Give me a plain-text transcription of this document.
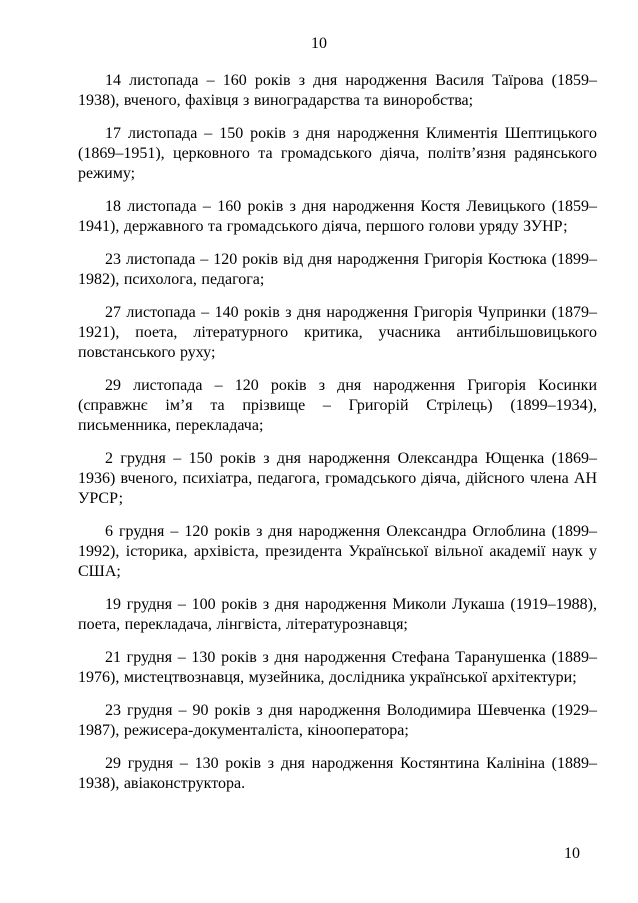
10

14 листопада – 160 років з дня народження Василя Таїрова (1859–1938), вченого, фахівця з виноградарства та виноробства;

17 листопада – 150 років з дня народження Климентія Шептицького (1869–1951), церковного та громадського діяча, політв’язня радянського режиму;

18 листопада – 160 років з дня народження Костя Левицького (1859–1941), державного та громадського діяча, першого голови уряду ЗУНР;

23 листопада – 120 років від дня народження Григорія Костюка (1899–1982), психолога, педагога;

27 листопада – 140 років з дня народження Григорія Чупринки (1879–1921), поета, літературного критика, учасника антибільшовицького повстанського руху;

29 листопада – 120 років з дня народження Григорія Косинки (справжнє ім’я та прізвище – Григорій Стрілець) (1899–1934), письменника, перекладача;

2 грудня – 150 років з дня народження Олександра Ющенка (1869–1936) вченого, психіатра, педагога, громадського діяча, дійсного члена АН УРСР;

6 грудня – 120 років з дня народження Олександра Оглоблина (1899–1992), історика, архівіста, президента Української вільної академії наук у США;

19 грудня – 100 років з дня народження Миколи Лукаша (1919–1988), поета, перекладача, лінгвіста, літературознавця;

21 грудня – 130 років з дня народження Стефана Таранушенка (1889–1976), мистецтвознавця, музейника, дослідника української архітектури;

23 грудня – 90 років з дня народження Володимира Шевченка (1929–1987), режисера-документаліста, кінооператора;

29 грудня – 130 років з дня народження Костянтина Калініна (1889–1938), авіаконструктора.

10
